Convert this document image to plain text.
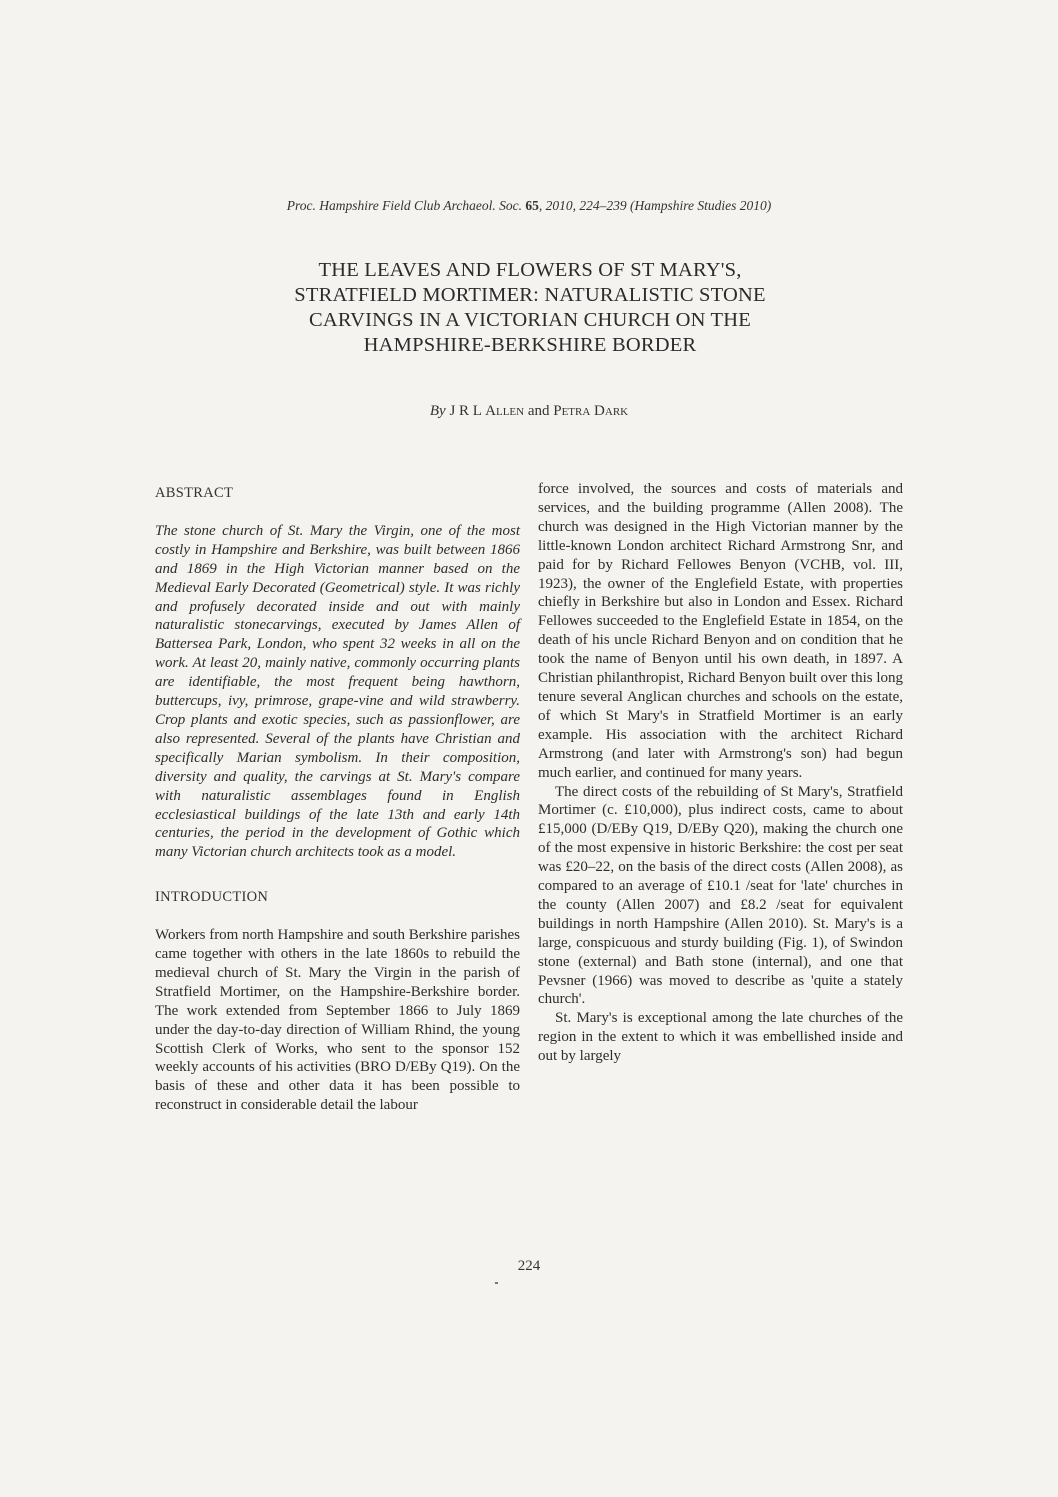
Proc. Hampshire Field Club Archaeol. Soc. 65, 2010, 224–239 (Hampshire Studies 2010)
THE LEAVES AND FLOWERS OF ST MARY'S,
STRATFIELD MORTIMER: NATURALISTIC STONE
CARVINGS IN A VICTORIAN CHURCH ON THE
HAMPSHIRE-BERKSHIRE BORDER
By J R L Allen and Petra Dark
ABSTRACT

The stone church of St. Mary the Virgin, one of the most costly in Hampshire and Berkshire, was built between 1866 and 1869 in the High Victorian manner based on the Medieval Early Decorated (Geometrical) style. It was richly and profusely decorated inside and out with mainly naturalistic stonecarvings, executed by James Allen of Battersea Park, London, who spent 32 weeks in all on the work. At least 20, mainly native, commonly occurring plants are identifiable, the most frequent being hawthorn, buttercups, ivy, primrose, grape-vine and wild strawberry. Crop plants and exotic species, such as passionflower, are also represented. Several of the plants have Christian and specifically Marian symbolism. In their composition, diversity and quality, the carvings at St. Mary's compare with naturalistic assemblages found in English ecclesiastical buildings of the late 13th and early 14th centuries, the period in the development of Gothic which many Victorian church architects took as a model.

INTRODUCTION

Workers from north Hampshire and south Berkshire parishes came together with others in the late 1860s to rebuild the medieval church of St. Mary the Virgin in the parish of Stratfield Mortimer, on the Hampshire-Berkshire border. The work extended from September 1866 to July 1869 under the day-to-day direction of William Rhind, the young Scottish Clerk of Works, who sent to the sponsor 152 weekly accounts of his activities (BRO D/EBy Q19). On the basis of these and other data it has been possible to reconstruct in considerable detail the labour

force involved, the sources and costs of materials and services, and the building programme (Allen 2008). The church was designed in the High Victorian manner by the little-known London architect Richard Armstrong Snr, and paid for by Richard Fellowes Benyon (VCHB, vol. III, 1923), the owner of the Englefield Estate, with properties chiefly in Berkshire but also in London and Essex. Richard Fellowes succeeded to the Englefield Estate in 1854, on the death of his uncle Richard Benyon and on condition that he took the name of Benyon until his own death, in 1897. A Christian philanthropist, Richard Benyon built over this long tenure several Anglican churches and schools on the estate, of which St Mary's in Stratfield Mortimer is an early example. His association with the architect Richard Armstrong (and later with Armstrong's son) had begun much earlier, and continued for many years.

The direct costs of the rebuilding of St Mary's, Stratfield Mortimer (c. £10,000), plus indirect costs, came to about £15,000 (D/EBy Q19, D/EBy Q20), making the church one of the most expensive in historic Berkshire: the cost per seat was £20–22, on the basis of the direct costs (Allen 2008), as compared to an average of £10.1 /seat for 'late' churches in the county (Allen 2007) and £8.2 /seat for equivalent buildings in north Hampshire (Allen 2010). St. Mary's is a large, conspicuous and sturdy building (Fig. 1), of Swindon stone (external) and Bath stone (internal), and one that Pevsner (1966) was moved to describe as 'quite a stately church'.

St. Mary's is exceptional among the late churches of the region in the extent to which it was embellished inside and out by largely

224
